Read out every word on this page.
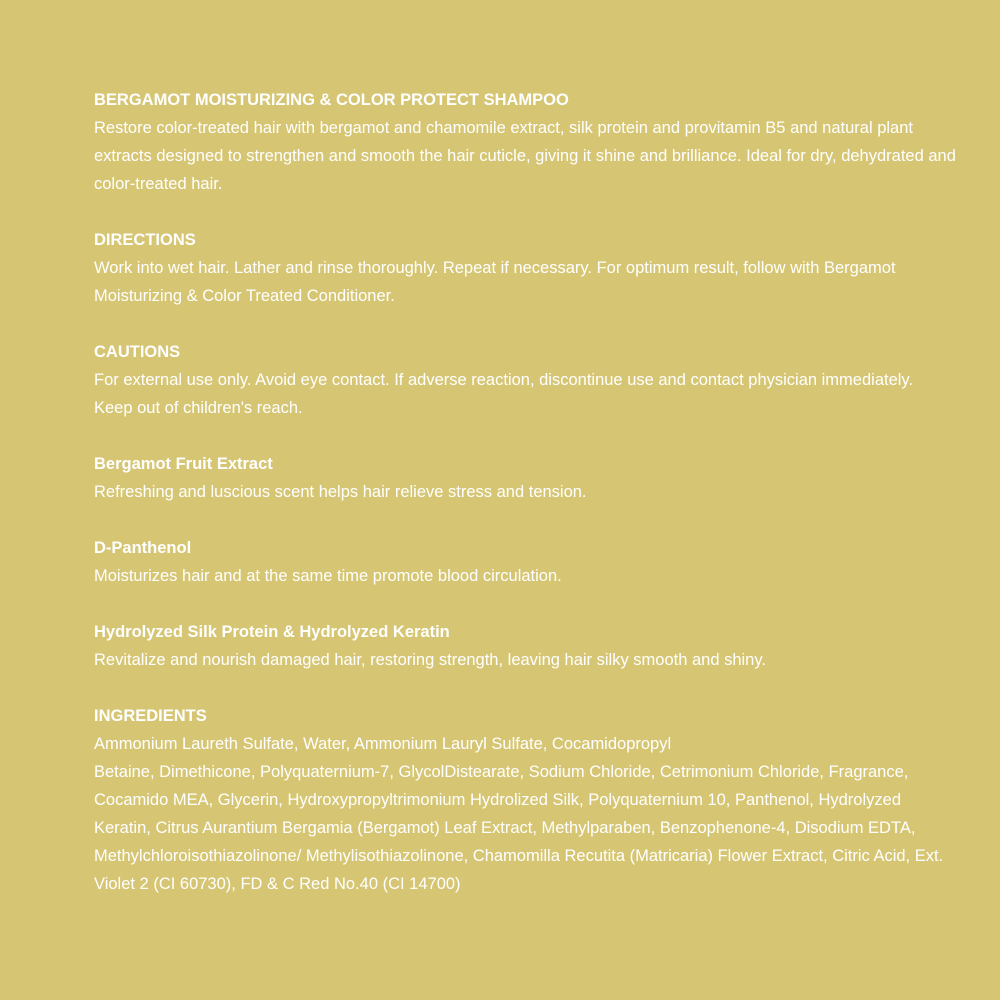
BERGAMOT MOISTURIZING & COLOR PROTECT SHAMPOO
Restore color-treated hair with bergamot and chamomile extract, silk protein and provitamin B5 and natural plant extracts designed to strengthen and smooth the hair cuticle, giving it shine and brilliance. Ideal for dry, dehydrated and color-treated hair.
DIRECTIONS
Work into wet hair. Lather and rinse thoroughly. Repeat if necessary. For optimum result, follow with Bergamot Moisturizing & Color Treated Conditioner.
CAUTIONS
For external use only. Avoid eye contact. If adverse reaction, discontinue use and contact physician immediately. Keep out of children's reach.
Bergamot Fruit Extract
Refreshing and luscious scent helps hair relieve stress and tension.
D-Panthenol
Moisturizes hair and at the same time promote blood circulation.
Hydrolyzed Silk Protein & Hydrolyzed Keratin
Revitalize and nourish damaged hair, restoring strength, leaving hair silky smooth and shiny.
INGREDIENTS
Ammonium Laureth Sulfate, Water, Ammonium Lauryl Sulfate, Cocamidopropyl
Betaine, Dimethicone, Polyquaternium-7, GlycolDistearate, Sodium Chloride, Cetrimonium Chloride, Fragrance, Cocamido MEA, Glycerin, Hydroxypropyltrimonium Hydrolized Silk, Polyquaternium 10, Panthenol, Hydrolyzed Keratin, Citrus Aurantium Bergamia (Bergamot) Leaf Extract, Methylparaben, Benzophenone-4, Disodium EDTA, Methylchloroisothiazolinone/ Methylisothiazolinone, Chamomilla Recutita (Matricaria) Flower Extract, Citric Acid, Ext. Violet 2 (CI 60730), FD & C Red No.40 (CI 14700)
